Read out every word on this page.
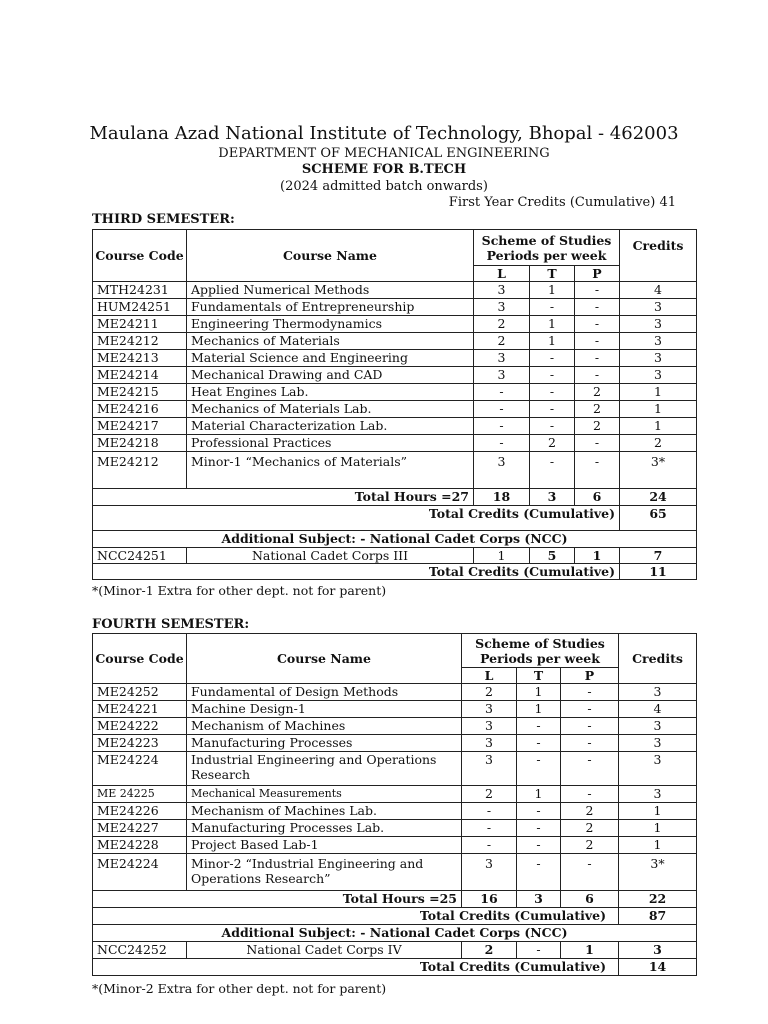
Maulana Azad National Institute of Technology, Bhopal - 462003
DEPARTMENT OF MECHANICAL ENGINEERING
SCHEME FOR B.TECH
(2024 admitted batch onwards)
First Year Credits (Cumulative) 41
THIRD SEMESTER:
Course Code	Course Name	Scheme of Studies Periods per week			Credits
		L	T	P	
MTH24231	Applied Numerical Methods	3	1	-	4
HUM24251	Fundamentals of Entrepreneurship	3	-	-	3
ME24211	Engineering Thermodynamics	2	1	-	3
ME24212	Mechanics of Materials	2	1	-	3
ME24213	Material Science and Engineering	3	-	-	3
ME24214	Mechanical Drawing and CAD	3	-	-	3
ME24215	Heat Engines Lab.	-	-	2	1
ME24216	Mechanics of Materials Lab.	-	-	2	1
ME24217	Material Characterization Lab.	-	-	2	1
ME24218	Professional Practices	-	2	-	2
ME24212	Minor-1 “Mechanics of Materials”	3	-	-	3*
Total Hours =27		18	3	6	24
Total Credits (Cumulative)					65
Additional Subject: - National Cadet Corps (NCC)					
NCC24251	National Cadet Corps III	1	5	1	7
Total Credits (Cumulative)					11
*(Minor-1 Extra for other dept. not for parent)
FOURTH SEMESTER:
Course Code	Course Name	Scheme of Studies Periods per week			Credits
		L	T	P	
ME24252	Fundamental of Design Methods	2	1	-	3
ME24221	Machine Design-1	3	1	-	4
ME24222	Mechanism of Machines	3	-	-	3
ME24223	Manufacturing Processes	3	-	-	3
ME24224	Industrial Engineering and Operations Research	3	-	-	3
ME 24225	Mechanical Measurements	2	1	-	3
ME24226	Mechanism of Machines Lab.	-	-	2	1
ME24227	Manufacturing Processes Lab.	-	-	2	1
ME24228	Project Based Lab-1	-	-	2	1
ME24224	Minor-2 “Industrial Engineering and Operations Research”	3	-	-	3*
Total Hours =25		16	3	6	22
Total Credits (Cumulative)					87
Additional Subject: - National Cadet Corps (NCC)					
NCC24252	National Cadet Corps IV	2	-	1	3
Total Credits (Cumulative)					14
*(Minor-2 Extra for other dept. not for parent)
